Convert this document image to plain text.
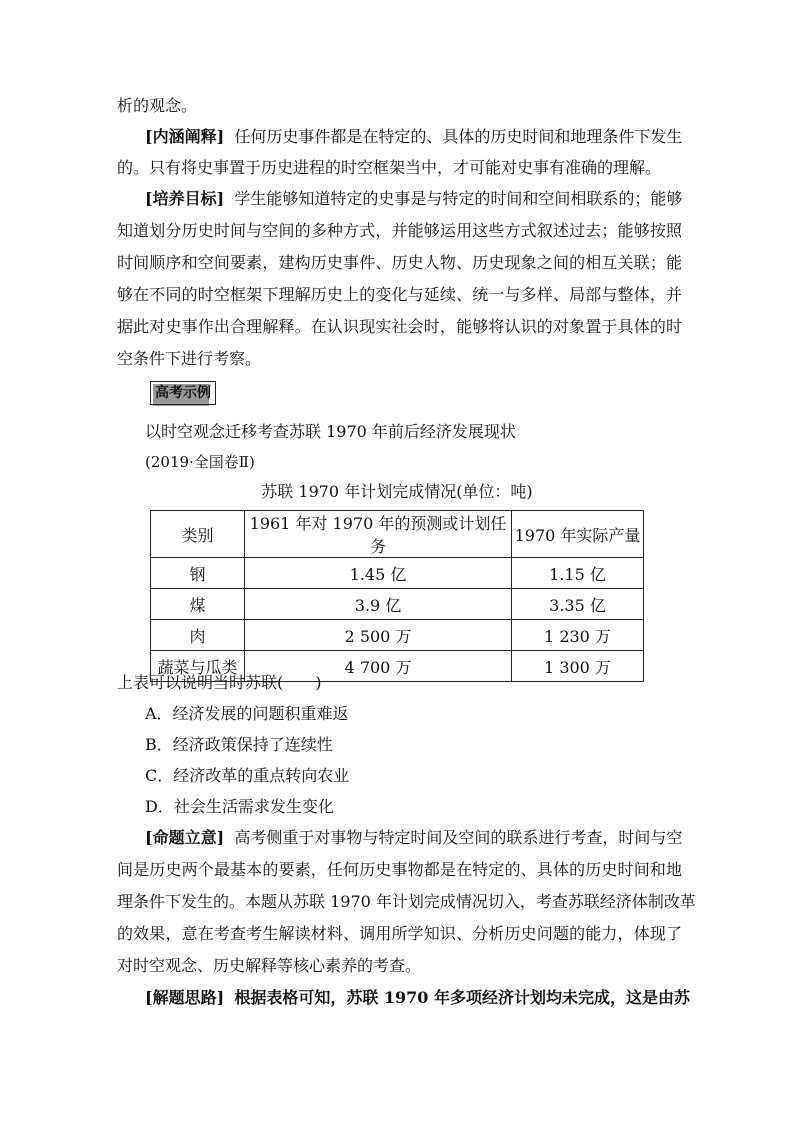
析的观念。
[内涵阐释] 任何历史事件都是在特定的、具体的历史时间和地理条件下发生
的。只有将史事置于历史进程的时空框架当中，才可能对史事有准确的理解。
[培养目标] 学生能够知道特定的史事是与特定的时间和空间相联系的；能够
知道划分历史时间与空间的多种方式，并能够运用这些方式叙述过去；能够按照
时间顺序和空间要素，建构历史事件、历史人物、历史现象之间的相互关联；能
够在不同的时空框架下理解历史上的变化与延续、统一与多样、局部与整体，并
据此对史事作出合理解释。在认识现实社会时，能够将认识的对象置于具体的时
空条件下进行考察。
高考示例
以时空观念迁移考查苏联 1970 年前后经济发展现状
(2019·全国卷Ⅱ)
苏联 1970 年计划完成情况(单位：吨)
类别	1961 年对 1970 年的预测或计划任务	1970 年实际产量
钢	1.45 亿	1.15 亿
煤	3.9 亿	3.35 亿
肉	2 500 万	1 230 万
蔬菜与瓜类	4 700 万	1 300 万
上表可以说明当时苏联(　　)
A．经济发展的问题积重难返
B．经济政策保持了连续性
C．经济改革的重点转向农业
D．社会生活需求发生变化
[命题立意] 高考侧重于对事物与特定时间及空间的联系进行考查，时间与空
间是历史两个最基本的要素，任何历史事物都是在特定的、具体的历史时间和地
理条件下发生的。本题从苏联 1970 年计划完成情况切入，考查苏联经济体制改革
的效果，意在考查考生解读材料、调用所学知识、分析历史问题的能力，体现了
对时空观念、历史解释等核心素养的考查。
[解题思路] 根据表格可知，苏联 1970 年多项经济计划均未完成，这是由苏
